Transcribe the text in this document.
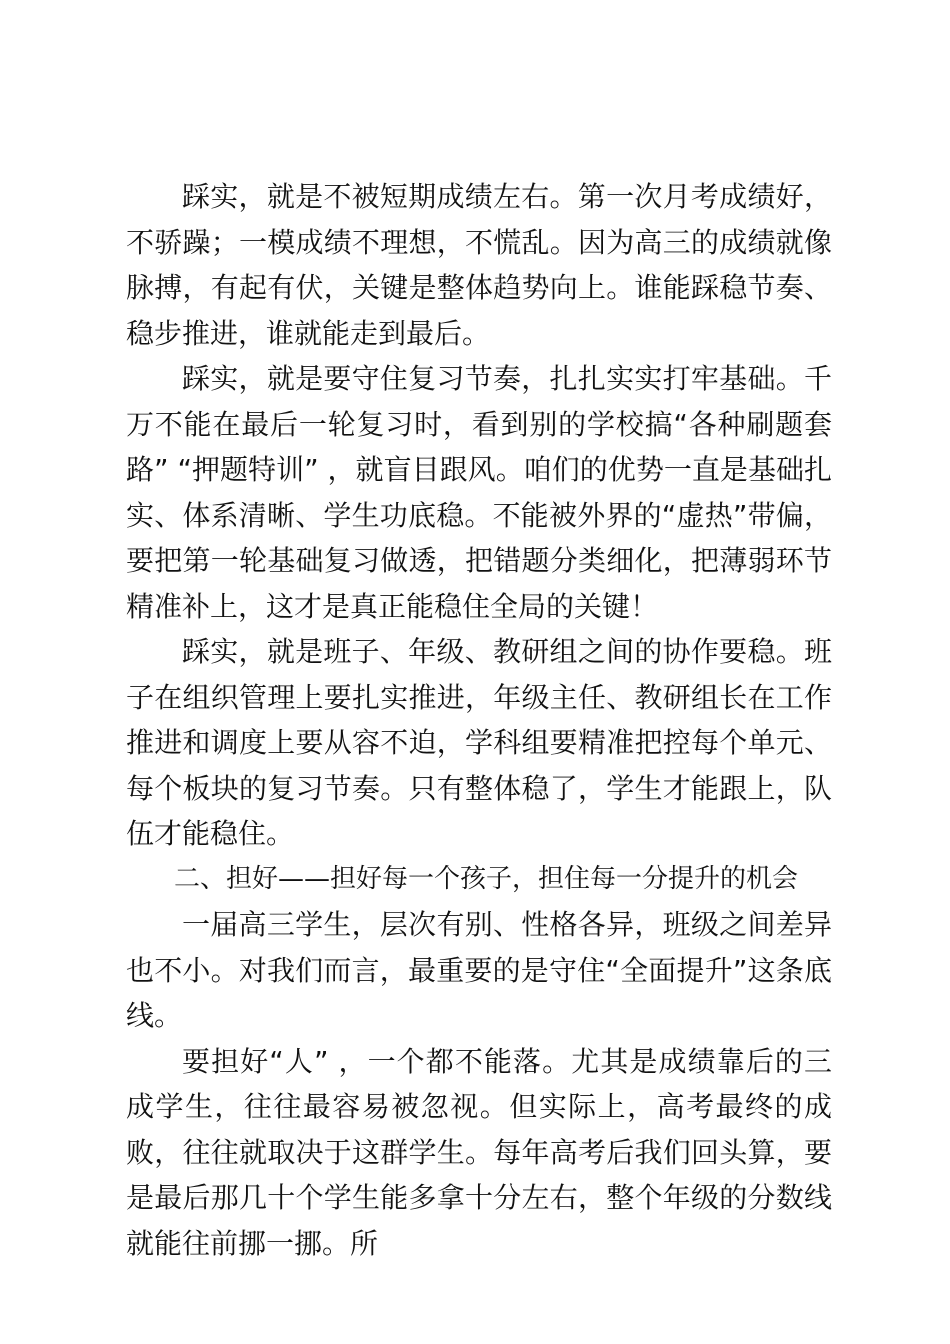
踩实，就是不被短期成绩左右。第一次月考成绩好，不骄躁；一模成绩不理想，不慌乱。因为高三的成绩就像脉搏，有起有伏，关键是整体趋势向上。谁能踩稳节奏、稳步推进，谁就能走到最后。

踩实，就是要守住复习节奏，扎扎实实打牢基础。千万不能在最后一轮复习时，看到别的学校搞“各种刷题套路” “押题特训” ，就盲目跟风。咱们的优势一直是基础扎实、体系清晰、学生功底稳。不能被外界的“虚热”带偏，要把第一轮基础复习做透，把错题分类细化，把薄弱环节精准补上，这才是真正能稳住全局的关键！

踩实，就是班子、年级、教研组之间的协作要稳。班子在组织管理上要扎实推进，年级主任、教研组长在工作推进和调度上要从容不迫，学科组要精准把控每个单元、每个板块的复习节奏。只有整体稳了，学生才能跟上，队伍才能稳住。

二、担好——担好每一个孩子，担住每一分提升的机会

一届高三学生，层次有别、性格各异，班级之间差异也不小。对我们而言，最重要的是守住“全面提升”这条底线。

要担好“人” ，一个都不能落。尤其是成绩靠后的三成学生，往往最容易被忽视。但实际上，高考最终的成败，往往就取决于这群学生。每年高考后我们回头算，要是最后那几十个学生能多拿十分左右，整个年级的分数线就能往前挪一挪。所
